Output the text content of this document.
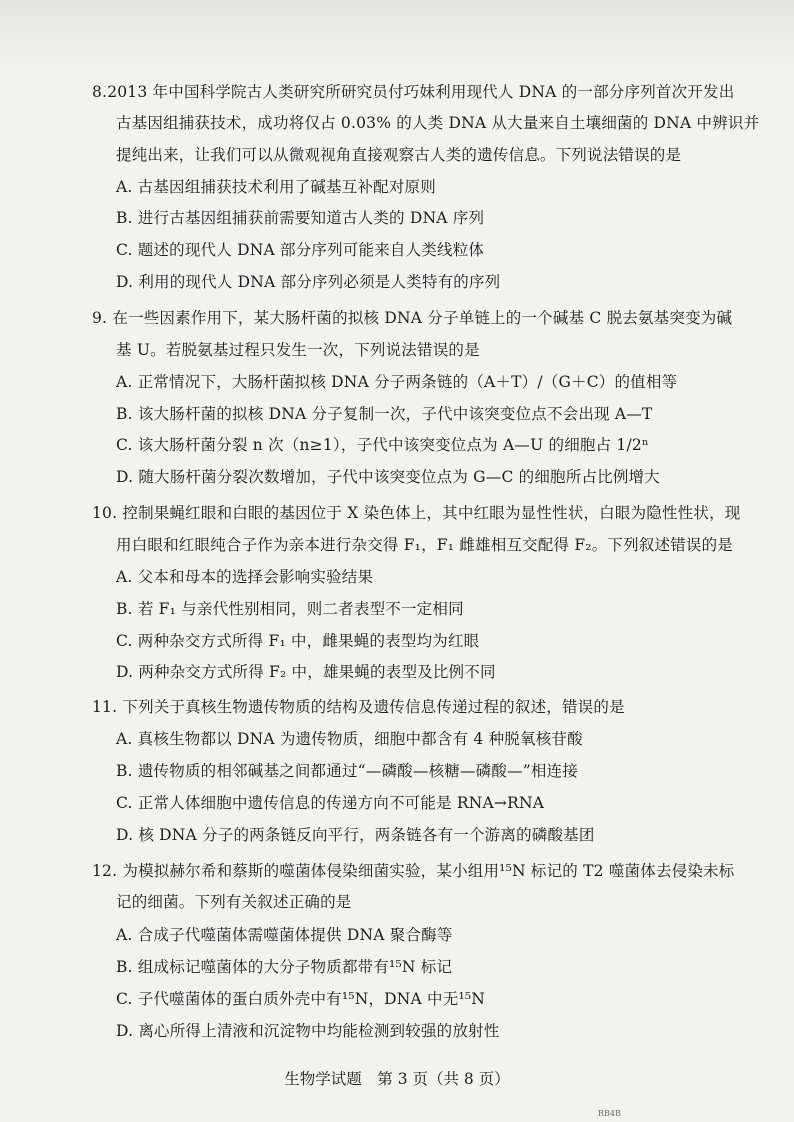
8.2013 年中国科学院古人类研究所研究员付巧妹利用现代人 DNA 的一部分序列首次开发出
古基因组捕获技术，成功将仅占 0.03% 的人类 DNA 从大量来自土壤细菌的 DNA 中辨识并
提纯出来，让我们可以从微观视角直接观察古人类的遗传信息。下列说法错误的是
A. 古基因组捕获技术利用了碱基互补配对原则
B. 进行古基因组捕获前需要知道古人类的 DNA 序列
C. 题述的现代人 DNA 部分序列可能来自人类线粒体
D. 利用的现代人 DNA 部分序列必须是人类特有的序列
9. 在一些因素作用下，某大肠杆菌的拟核 DNA 分子单链上的一个碱基 C 脱去氨基突变为碱
基 U。若脱氨基过程只发生一次，下列说法错误的是
A. 正常情况下，大肠杆菌拟核 DNA 分子两条链的（A＋T）/（G＋C）的值相等
B. 该大肠杆菌的拟核 DNA 分子复制一次，子代中该突变位点不会出现 A—T
C. 该大肠杆菌分裂 n 次（n≥1），子代中该突变位点为 A—U 的细胞占 1/2ⁿ
D. 随大肠杆菌分裂次数增加，子代中该突变位点为 G—C 的细胞所占比例增大
10. 控制果蝇红眼和白眼的基因位于 X 染色体上，其中红眼为显性性状，白眼为隐性性状，现
用白眼和红眼纯合子作为亲本进行杂交得 F₁，F₁ 雌雄相互交配得 F₂。下列叙述错误的是
A. 父本和母本的选择会影响实验结果
B. 若 F₁ 与亲代性别相同，则二者表型不一定相同
C. 两种杂交方式所得 F₁ 中，雌果蝇的表型均为红眼
D. 两种杂交方式所得 F₂ 中，雄果蝇的表型及比例不同
11. 下列关于真核生物遗传物质的结构及遗传信息传递过程的叙述，错误的是
A. 真核生物都以 DNA 为遗传物质，细胞中都含有 4 种脱氧核苷酸
B. 遗传物质的相邻碱基之间都通过“—磷酸—核糖—磷酸—”相连接
C. 正常人体细胞中遗传信息的传递方向不可能是 RNA→RNA
D. 核 DNA 分子的两条链反向平行，两条链各有一个游离的磷酸基团
12. 为模拟赫尔希和蔡斯的噬菌体侵染细菌实验，某小组用¹⁵N 标记的 T2 噬菌体去侵染未标
记的细菌。下列有关叙述正确的是
A. 合成子代噬菌体需噬菌体提供 DNA 聚合酶等
B. 组成标记噬菌体的大分子物质都带有¹⁵N 标记
C. 子代噬菌体的蛋白质外壳中有¹⁵N，DNA 中无¹⁵N
D. 离心所得上清液和沉淀物中均能检测到较强的放射性
生物学试题　第 3 页（共 8 页）
RB4B
